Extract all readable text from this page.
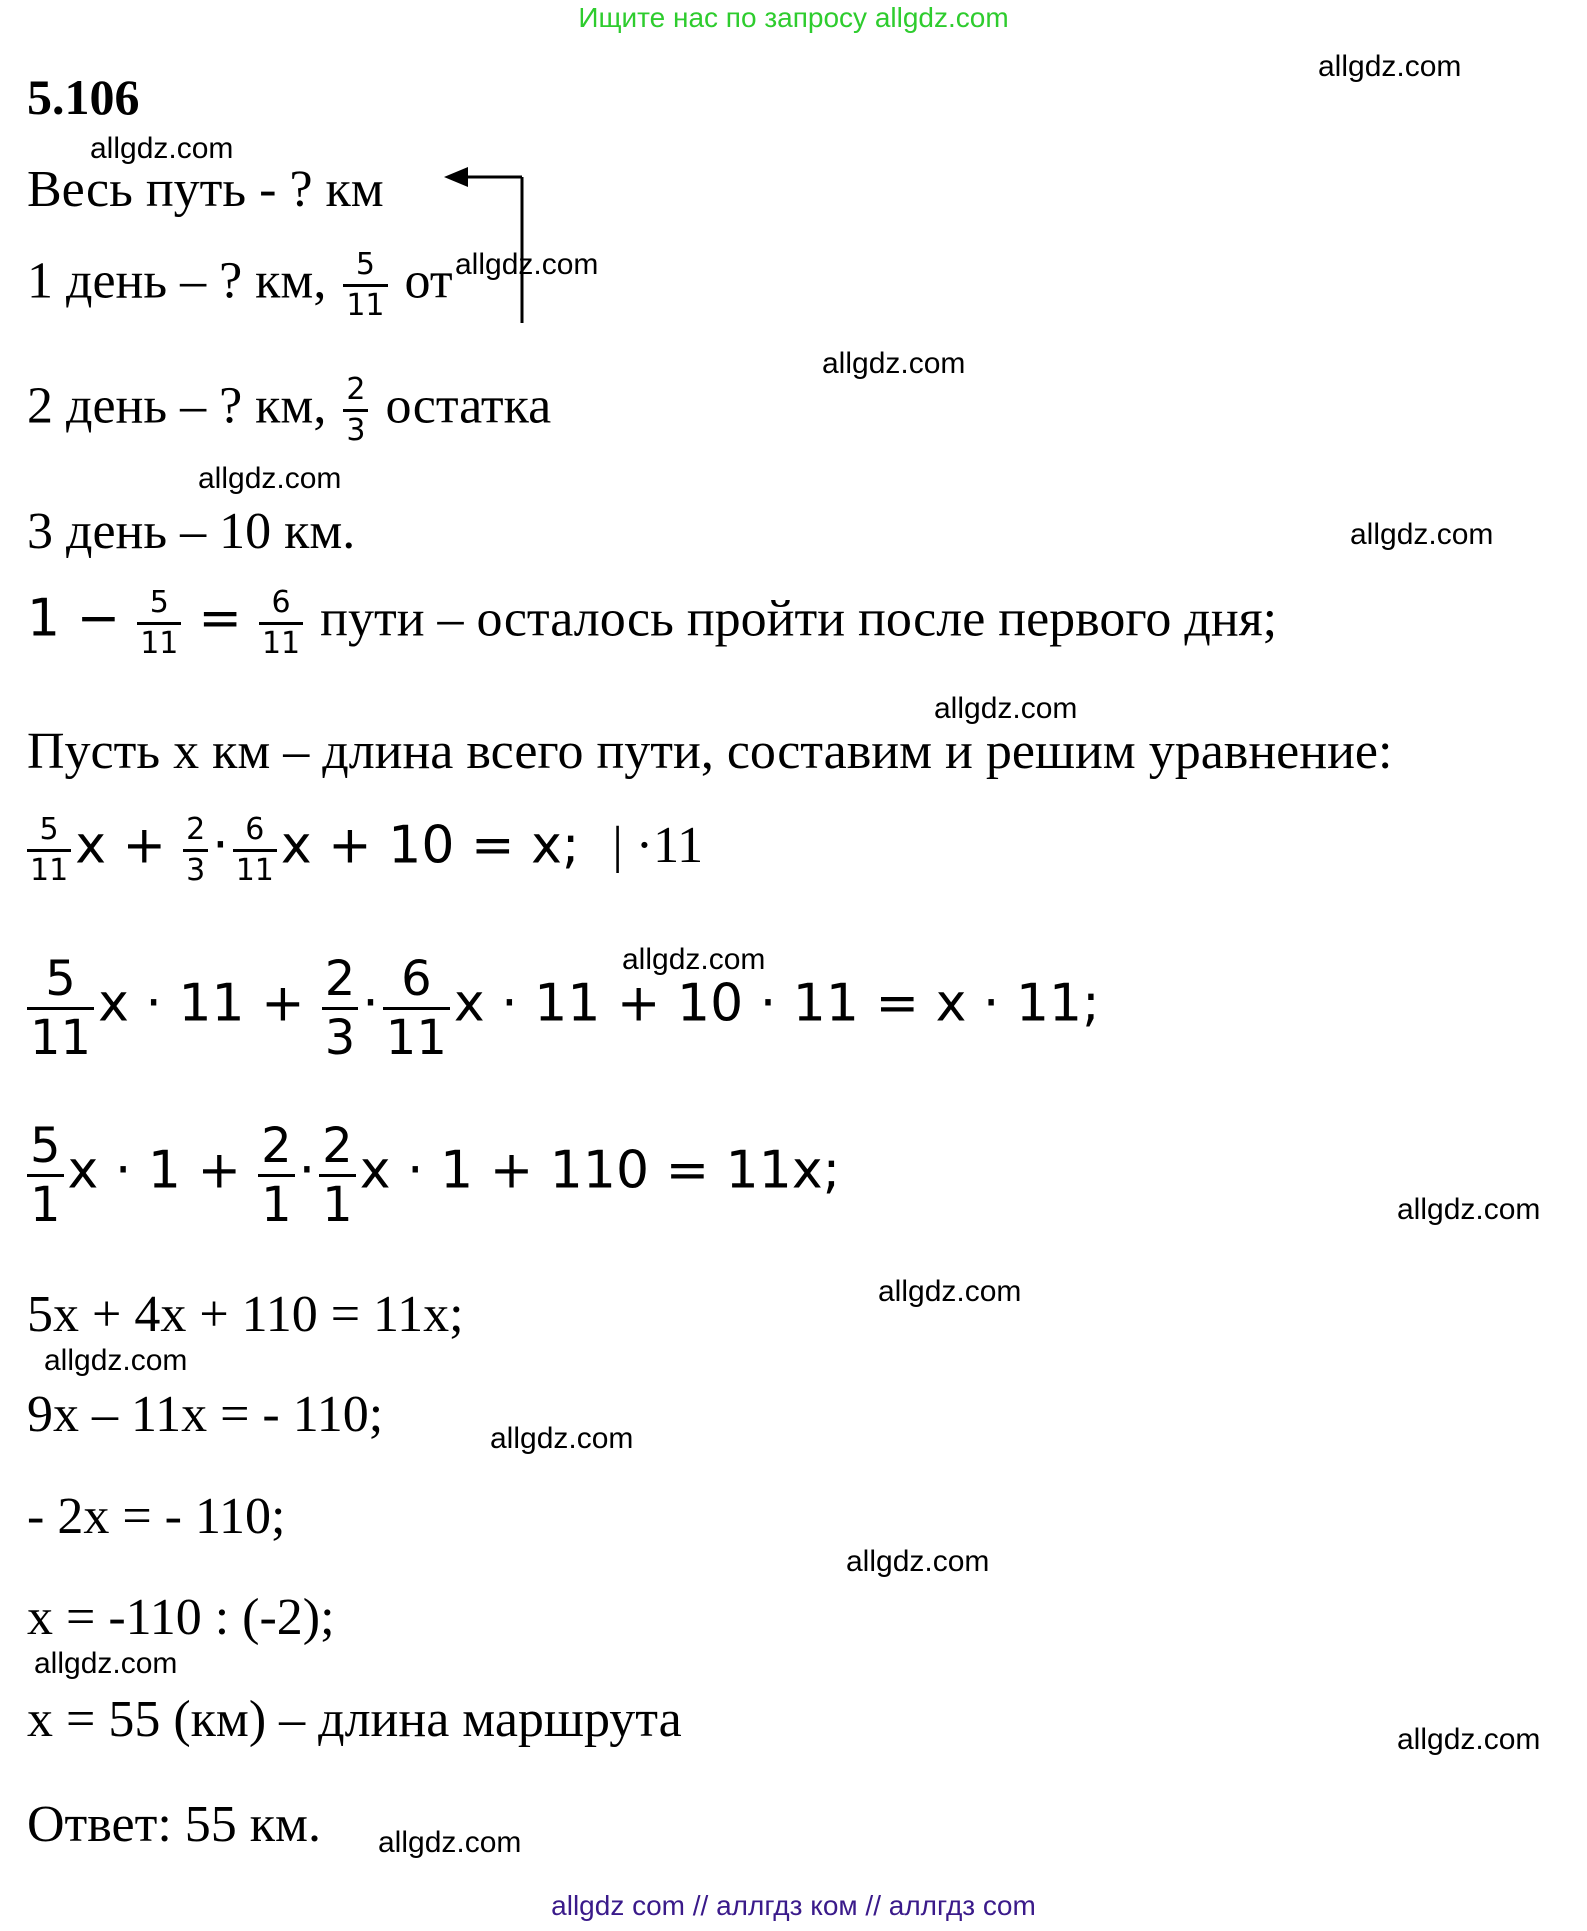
Ищите нас по запросу allgdz.com
5.106
allgdz.com
allgdz.com
allgdz.com
allgdz.com
allgdz.com
allgdz.com
allgdz.com
allgdz.com
allgdz.com
allgdz.com
allgdz.com
allgdz.com
allgdz.com
allgdz.com
allgdz.com
allgdz.com
Весь путь - ? км
1 день – ? км, $\frac{5}{11}$ от
2 день – ? км, $\frac{2}{3}$ остатка
3 день – 10 км.
$1 - \frac{5}{11} = \frac{6}{11}$ пути – осталось пройти после первого дня;
Пусть x км – длина всего пути, составим и решим уравнение:
$\frac{5}{11}$ $x + \frac{2}{3} \cdot \frac{6}{11}$ x + 10 = x; | ·11
$\frac{5}{11}$ $x \cdot 11 + \frac{2}{3} \cdot \frac{6}{11}$ x · 11 + 10 · 11 = x · 11;
$\frac{5}{1}$ $x \cdot 1 + \frac{2}{1} \cdot \frac{2}{1}$ x · 1 + 110 = 11x;
5x + 4x + 110 = 11x;
9x – 11x = - 110;
- 2x = - 110;
x = -110 : (-2);
x = 55 (км) – длина маршрута
Ответ: 55 км.
allgdz com // аллгдз ком // аллгдз com
